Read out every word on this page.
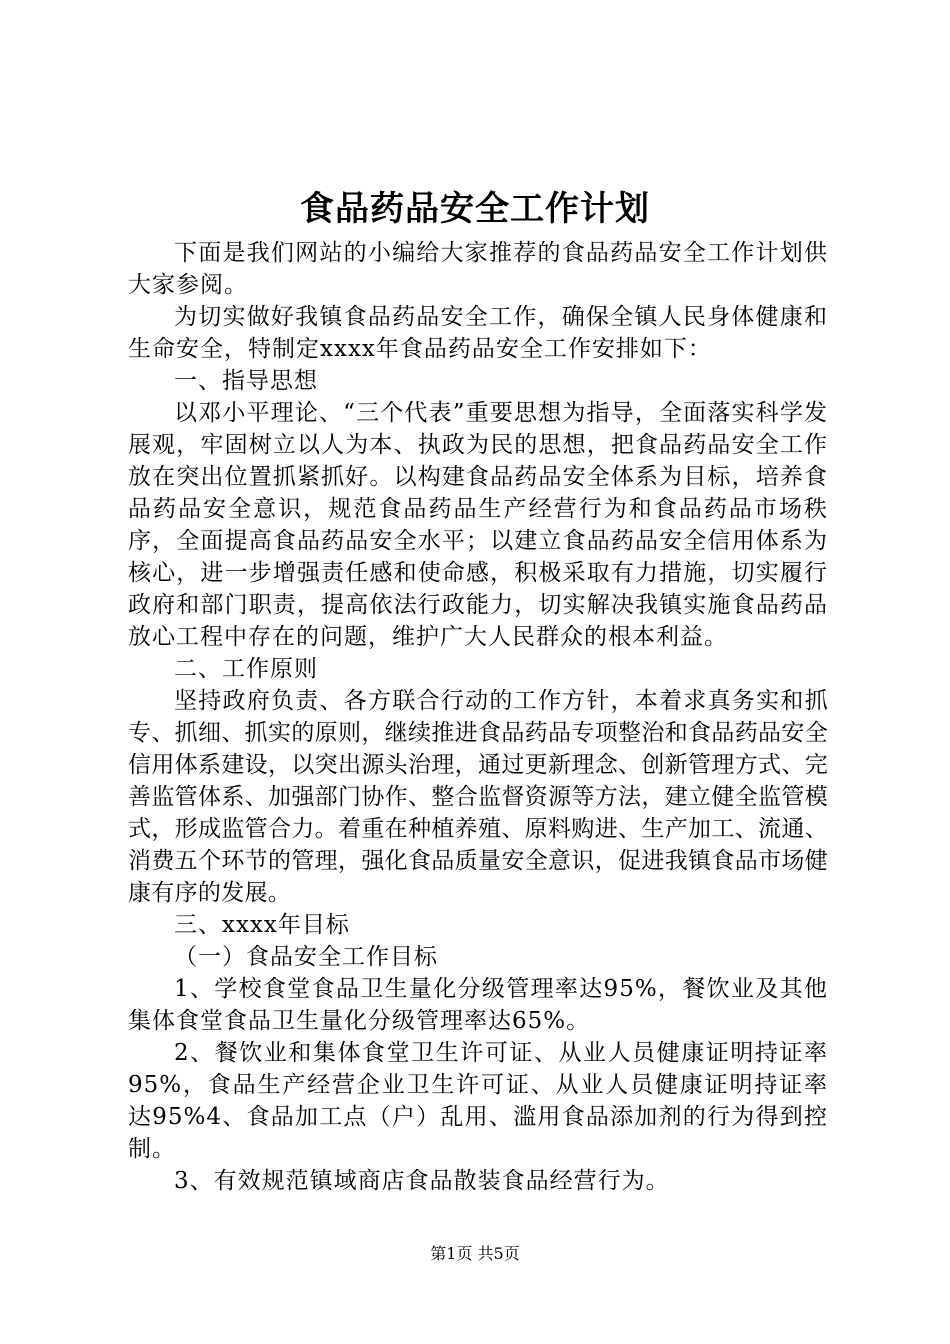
食品药品安全工作计划

下面是我们网站的小编给大家推荐的食品药品安全工作计划供大家参阅。

为切实做好我镇食品药品安全工作，确保全镇人民身体健康和生命安全，特制定xxxx年食品药品安全工作安排如下：

一、指导思想

以邓小平理论、“三个代表”重要思想为指导，全面落实科学发展观，牢固树立以人为本、执政为民的思想，把食品药品安全工作放在突出位置抓紧抓好。以构建食品药品安全体系为目标，培养食品药品安全意识，规范食品药品生产经营行为和食品药品市场秩序，全面提高食品药品安全水平；以建立食品药品安全信用体系为核心，进一步增强责任感和使命感，积极采取有力措施，切实履行政府和部门职责，提高依法行政能力，切实解决我镇实施食品药品放心工程中存在的问题，维护广大人民群众的根本利益。

二、工作原则

坚持政府负责、各方联合行动的工作方针，本着求真务实和抓专、抓细、抓实的原则，继续推进食品药品专项整治和食品药品安全信用体系建设，以突出源头治理，通过更新理念、创新管理方式、完善监管体系、加强部门协作、整合监督资源等方法，建立健全监管模式，形成监管合力。着重在种植养殖、原料购进、生产加工、流通、消费五个环节的管理，强化食品质量安全意识，促进我镇食品市场健康有序的发展。

三、xxxx年目标

（一）食品安全工作目标

1、学校食堂食品卫生量化分级管理率达95%，餐饮业及其他集体食堂食品卫生量化分级管理率达65%。

2、餐饮业和集体食堂卫生许可证、从业人员健康证明持证率95%，食品生产经营企业卫生许可证、从业人员健康证明持证率达95%4、食品加工点（户）乱用、滥用食品添加剂的行为得到控制。

3、有效规范镇域商店食品散装食品经营行为。

第1页 共5页
